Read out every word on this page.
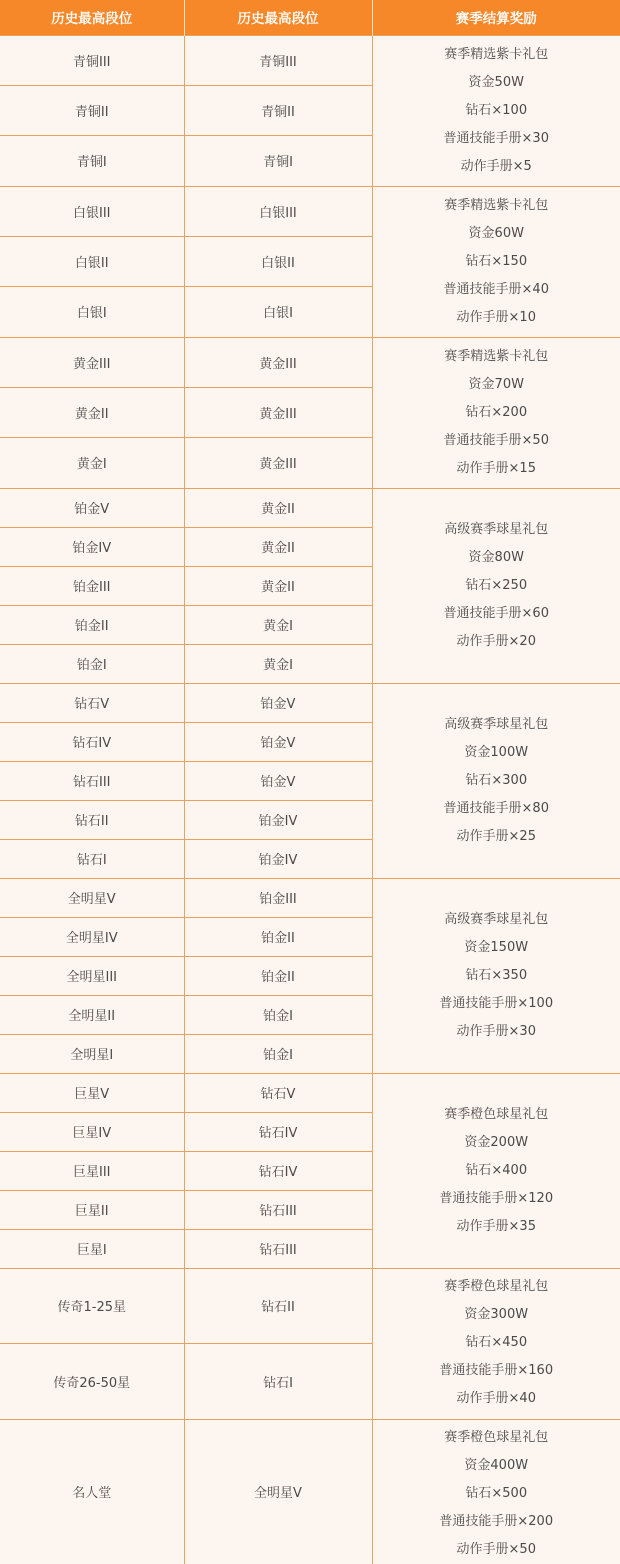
历史最高段位	历史最高段位	赛季结算奖励
青铜III	青铜III	赛季精选紫卡礼包
资金50W
钻石×100
普通技能手册×30
动作手册×5

青铜II	青铜II	
青铜I	青铜I	
白银III	白银III	赛季精选紫卡礼包
资金60W
钻石×150
普通技能手册×40
动作手册×10

白银II	白银II	
白银I	白银I	
黄金III	黄金III	赛季精选紫卡礼包
资金70W
钻石×200
普通技能手册×50
动作手册×15

黄金II	黄金III	
黄金I	黄金III	
铂金V	黄金II	高级赛季球星礼包
资金80W
钻石×250
普通技能手册×60
动作手册×20

铂金IV	黄金II	
铂金III	黄金II	
铂金II	黄金I	
铂金I	黄金I	
钻石V	铂金V	高级赛季球星礼包
资金100W
钻石×300
普通技能手册×80
动作手册×25

钻石IV	铂金V	
钻石III	铂金V	
钻石II	铂金IV	
钻石I	铂金IV	
全明星V	铂金III	高级赛季球星礼包
资金150W
钻石×350
普通技能手册×100
动作手册×30

全明星IV	铂金II	
全明星III	铂金II	
全明星II	铂金I	
全明星I	铂金I	
巨星V	钻石V	赛季橙色球星礼包
资金200W
钻石×400
普通技能手册×120
动作手册×35

巨星IV	钻石IV	
巨星III	钻石IV	
巨星II	钻石III	
巨星I	钻石III	
传奇1-25星	钻石II	赛季橙色球星礼包
资金300W
钻石×450
普通技能手册×160
动作手册×40

传奇26-50星	钻石I	
名人堂	全明星V	赛季橙色球星礼包
资金400W
钻石×500
普通技能手册×200
动作手册×50
